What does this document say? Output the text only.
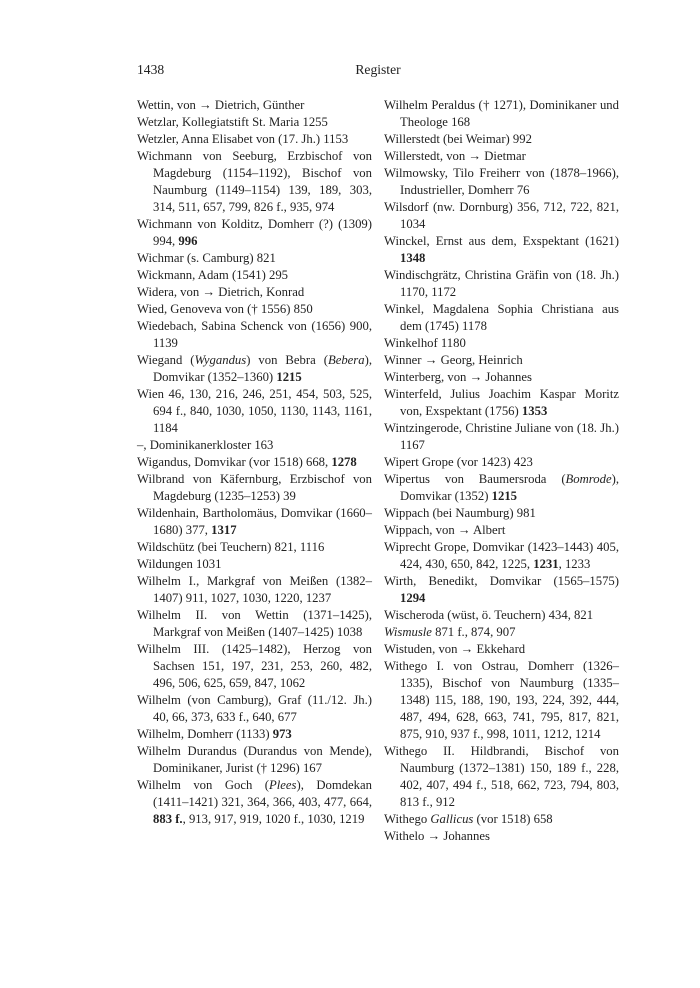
1438	Register
Wettin, von → Dietrich, Günther
Wetzlar, Kollegiatstift St. Maria 1255
Wetzler, Anna Elisabet von (17. Jh.) 1153
Wichmann von Seeburg, Erzbischof von Magdeburg (1154–1192), Bischof von Naumburg (1149–1154) 139, 189, 303, 314, 511, 657, 799, 826 f., 935, 974
Wichmann von Kolditz, Domherr (?) (1309) 994, 996
Wichmar (s. Camburg) 821
Wickmann, Adam (1541) 295
Widera, von → Dietrich, Konrad
Wied, Genoveva von († 1556) 850
Wiedebach, Sabina Schenck von (1656) 900, 1139
Wiegand (Wygandus) von Bebra (Bebera), Domvikar (1352–1360) 1215
Wien 46, 130, 216, 246, 251, 454, 503, 525, 694 f., 840, 1030, 1050, 1130, 1143, 1161, 1184
–, Dominikanerkloster 163
Wigandus, Domvikar (vor 1518) 668, 1278
Wilbrand von Käfernburg, Erzbischof von Magdeburg (1235–1253) 39
Wildenhain, Bartholomäus, Domvikar (1660–1680) 377, 1317
Wildschütz (bei Teuchern) 821, 1116
Wildungen 1031
Wilhelm I., Markgraf von Meißen (1382–1407) 911, 1027, 1030, 1220, 1237
Wilhelm II. von Wettin (1371–1425), Markgraf von Meißen (1407–1425) 1038
Wilhelm III. (1425–1482), Herzog von Sachsen 151, 197, 231, 253, 260, 482, 496, 506, 625, 659, 847, 1062
Wilhelm (von Camburg), Graf (11./12. Jh.) 40, 66, 373, 633 f., 640, 677
Wilhelm, Domherr (1133) 973
Wilhelm Durandus (Durandus von Mende), Dominikaner, Jurist († 1296) 167
Wilhelm von Goch (Plees), Domdekan (1411–1421) 321, 364, 366, 403, 477, 664, 883 f., 913, 917, 919, 1020 f., 1030, 1219
Wilhelm Peraldus († 1271), Dominikaner und Theologe 168
Willerstedt (bei Weimar) 992
Willerstedt, von → Dietmar
Wilmowsky, Tilo Freiherr von (1878–1966), Industrieller, Domherr 76
Wilsdorf (nw. Dornburg) 356, 712, 722, 821, 1034
Winckel, Ernst aus dem, Exspektant (1621) 1348
Windischgrätz, Christina Gräfin von (18. Jh.) 1170, 1172
Winkel, Magdalena Sophia Christiana aus dem (1745) 1178
Winkelhof 1180
Winner → Georg, Heinrich
Winterberg, von → Johannes
Winterfeld, Julius Joachim Kaspar Moritz von, Exspektant (1756) 1353
Wintzingerode, Christine Juliane von (18. Jh.) 1167
Wipert Grope (vor 1423) 423
Wipertus von Baumersroda (Bomrode), Domvikar (1352) 1215
Wippach (bei Naumburg) 981
Wippach, von → Albert
Wiprecht Grope, Domvikar (1423–1443) 405, 424, 430, 650, 842, 1225, 1231, 1233
Wirth, Benedikt, Domvikar (1565–1575) 1294
Wischeroda (wüst, ö. Teuchern) 434, 821
Wismusle 871 f., 874, 907
Wistuden, von → Ekkehard
Withego I. von Ostrau, Domherr (1326–1335), Bischof von Naumburg (1335–1348) 115, 188, 190, 193, 224, 392, 444, 487, 494, 628, 663, 741, 795, 817, 821, 875, 910, 937 f., 998, 1011, 1212, 1214
Withego II. Hildbrandi, Bischof von Naumburg (1372–1381) 150, 189 f., 228, 402, 407, 494 f., 518, 662, 723, 794, 803, 813 f., 912
Withego Gallicus (vor 1518) 658
Withelo → Johannes
